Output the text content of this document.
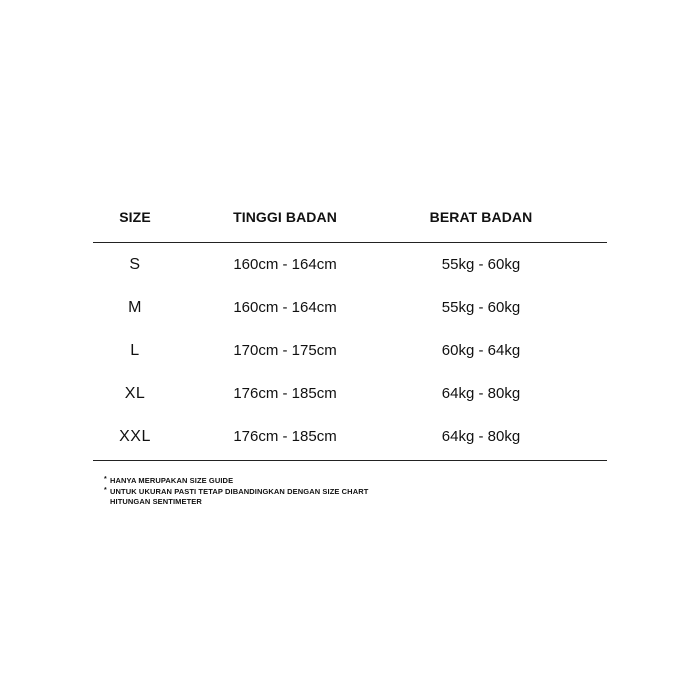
SIZE	TINGGI BADAN	BERAT BADAN
S	160cm - 164cm	55kg - 60kg
M	160cm - 164cm	55kg - 60kg
L	170cm - 175cm	60kg - 64kg
XL	176cm - 185cm	64kg - 80kg
XXL	176cm - 185cm	64kg - 80kg
* HANYA MERUPAKAN SIZE GUIDE
* UNTUK UKURAN PASTI TETAP DIBANDINGKAN DENGAN SIZE CHART
HITUNGAN SENTIMETER
